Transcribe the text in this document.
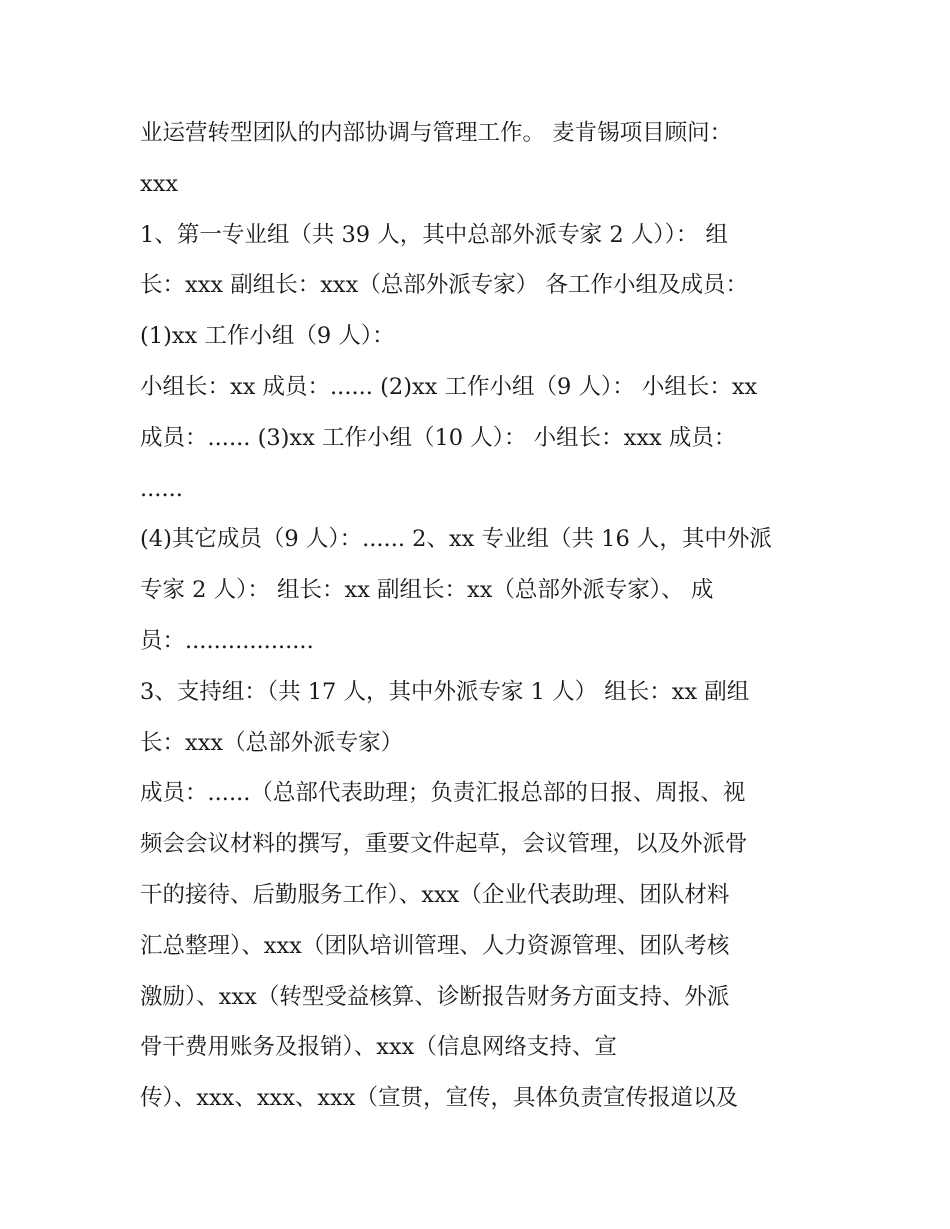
业运营转型团队的内部协调与管理工作。 麦肯锡项目顾问：
xxx
1、第一专业组（共 39 人，其中总部外派专家 2 人））： 组
长：xxx 副组长：xxx（总部外派专家） 各工作小组及成员：
(1)xx 工作小组（9 人）：
小组长：xx 成员：...... (2)xx 工作小组（9 人）： 小组长：xx
成员：...... (3)xx 工作小组（10 人）： 小组长：xxx 成员：
......
(4)其它成员（9 人）：...... 2、xx 专业组（共 16 人，其中外派
专家 2 人）： 组长：xx 副组长：xx（总部外派专家）、 成
员：..................
3、支持组：（共 17 人，其中外派专家 1 人） 组长：xx 副组
长：xxx（总部外派专家）
成员：......（总部代表助理；负责汇报总部的日报、周报、视
频会会议材料的撰写，重要文件起草，会议管理，以及外派骨
干的接待、后勤服务工作）、xxx（企业代表助理、团队材料
汇总整理）、xxx（团队培训管理、人力资源管理、团队考核
激励）、xxx（转型受益核算、诊断报告财务方面支持、外派
骨干费用账务及报销）、xxx（信息网络支持、宣
传）、xxx、xxx、xxx（宣贯，宣传，具体负责宣传报道以及
